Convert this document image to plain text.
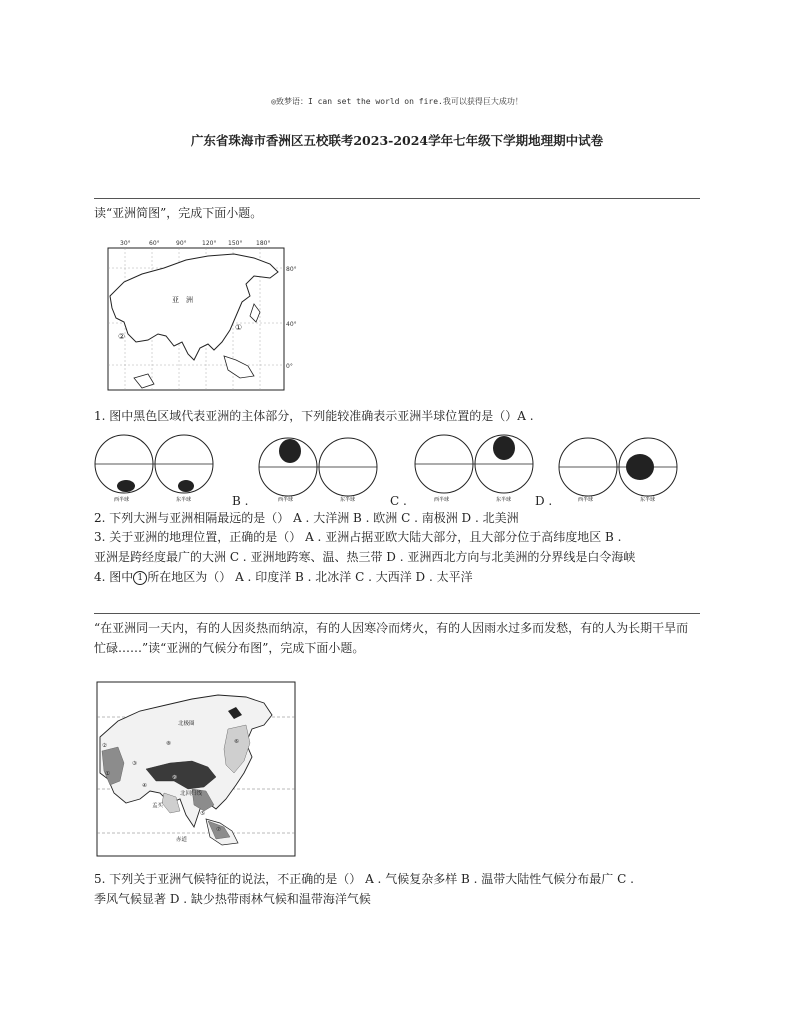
◎致梦语：I can set the world on fire.我可以获得巨大成功！
广东省珠海市香洲区五校联考2023-2024学年七年级下学期地理期中试卷
读“亚洲简图”，完成下面小题。
30°	60°	90°	120° 150° 180°
80°
40°
0°
亚　洲
①
②
1. 图中黑色区域代表亚洲的主体部分，下列能较准确表示亚洲半球位置的是（）A .
西半球	东半球	西半球	东半球	西半球	东半球	西半球	东半球
B .	C .	D .
2. 下列大洲与亚洲相隔最远的是（） A . 大洋洲 B . 欧洲 C . 南极洲 D . 北美洲
3. 关于亚洲的地理位置，正确的是（） A . 亚洲占据亚欧大陆大部分，且大部分位于高纬度地区 B .
亚洲是跨经度最广的大洲 C . 亚洲地跨寒、温、热三带 D . 亚洲西北方向与北美洲的分界线是白令海峡
4. 图中 1 所在地区为（） A . 印度洋 B . 北冰洋 C . 大西洋 D . 太平洋
“在亚洲同一天内，有的人因炎热而纳凉，有的人因寒冷而烤火，有的人因雨水过多而发愁，有的人为长期干旱而忙碌……”读“亚洲的气候分布图”，完成下面小题。
北极圈
北回归线
赤道
孟买
①
②
③
④
⑤
⑥
⑦
⑧
⑨
5. 下列关于亚洲气候特征的说法，不正确的是（） A . 气候复杂多样 B . 温带大陆性气候分布最广 C .
季风气候显著 D . 缺少热带雨林气候和温带海洋气候
